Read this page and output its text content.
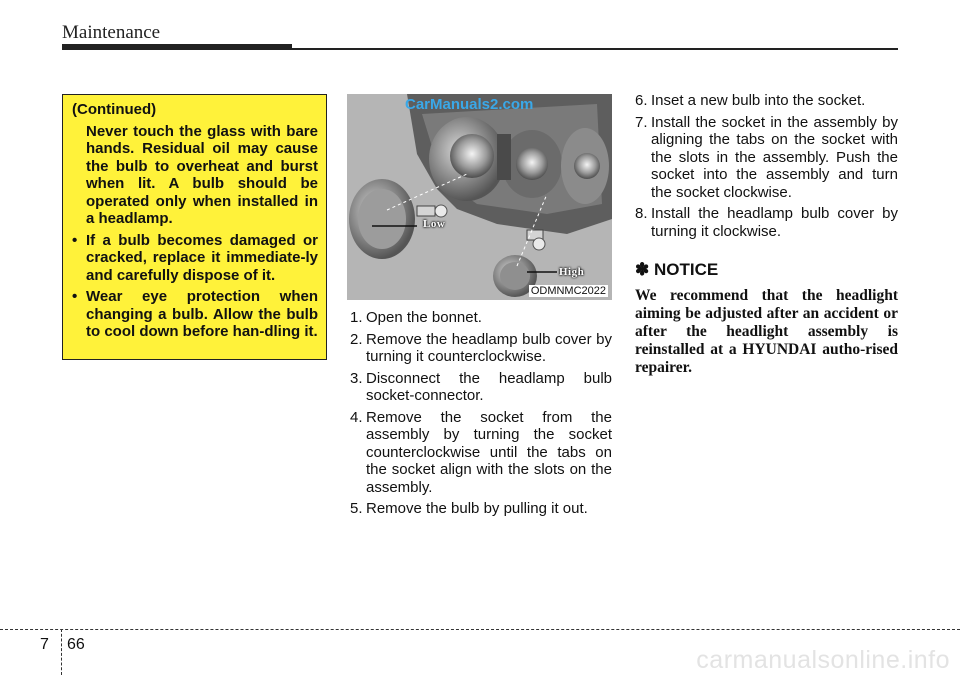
Maintenance

(Continued)

Never touch the glass with bare hands. Residual oil may cause the bulb to overheat and burst when lit. A bulb should be operated only when installed in a headlamp.

• If a bulb becomes damaged or cracked, replace it immediate-ly and carefully dispose of it.
• Wear eye protection when changing a bulb. Allow the bulb to cool down before han-dling it.
CarManuals2.com
Low
High
ODMNMC2022
1. Open the bonnet.
2. Remove the headlamp bulb cover by turning it counterclockwise.
3. Disconnect the headlamp bulb socket-connector.
4. Remove the socket from the assembly by turning the socket counterclockwise until the tabs on the socket align with the slots on the assembly.
5. Remove the bulb by pulling it out.
6. Inset a new bulb into the socket.
7. Install the socket in the assembly by aligning the tabs on the socket with the slots in the assembly. Push the socket into the assembly and turn the socket clockwise.
8. Install the headlamp bulb cover by turning it clockwise.
✽ NOTICE

We recommend that the headlight aiming be adjusted after an accident or after the headlight assembly is reinstalled at a HYUNDAI autho-rised repairer.

7 66
carmanualsonline.info
